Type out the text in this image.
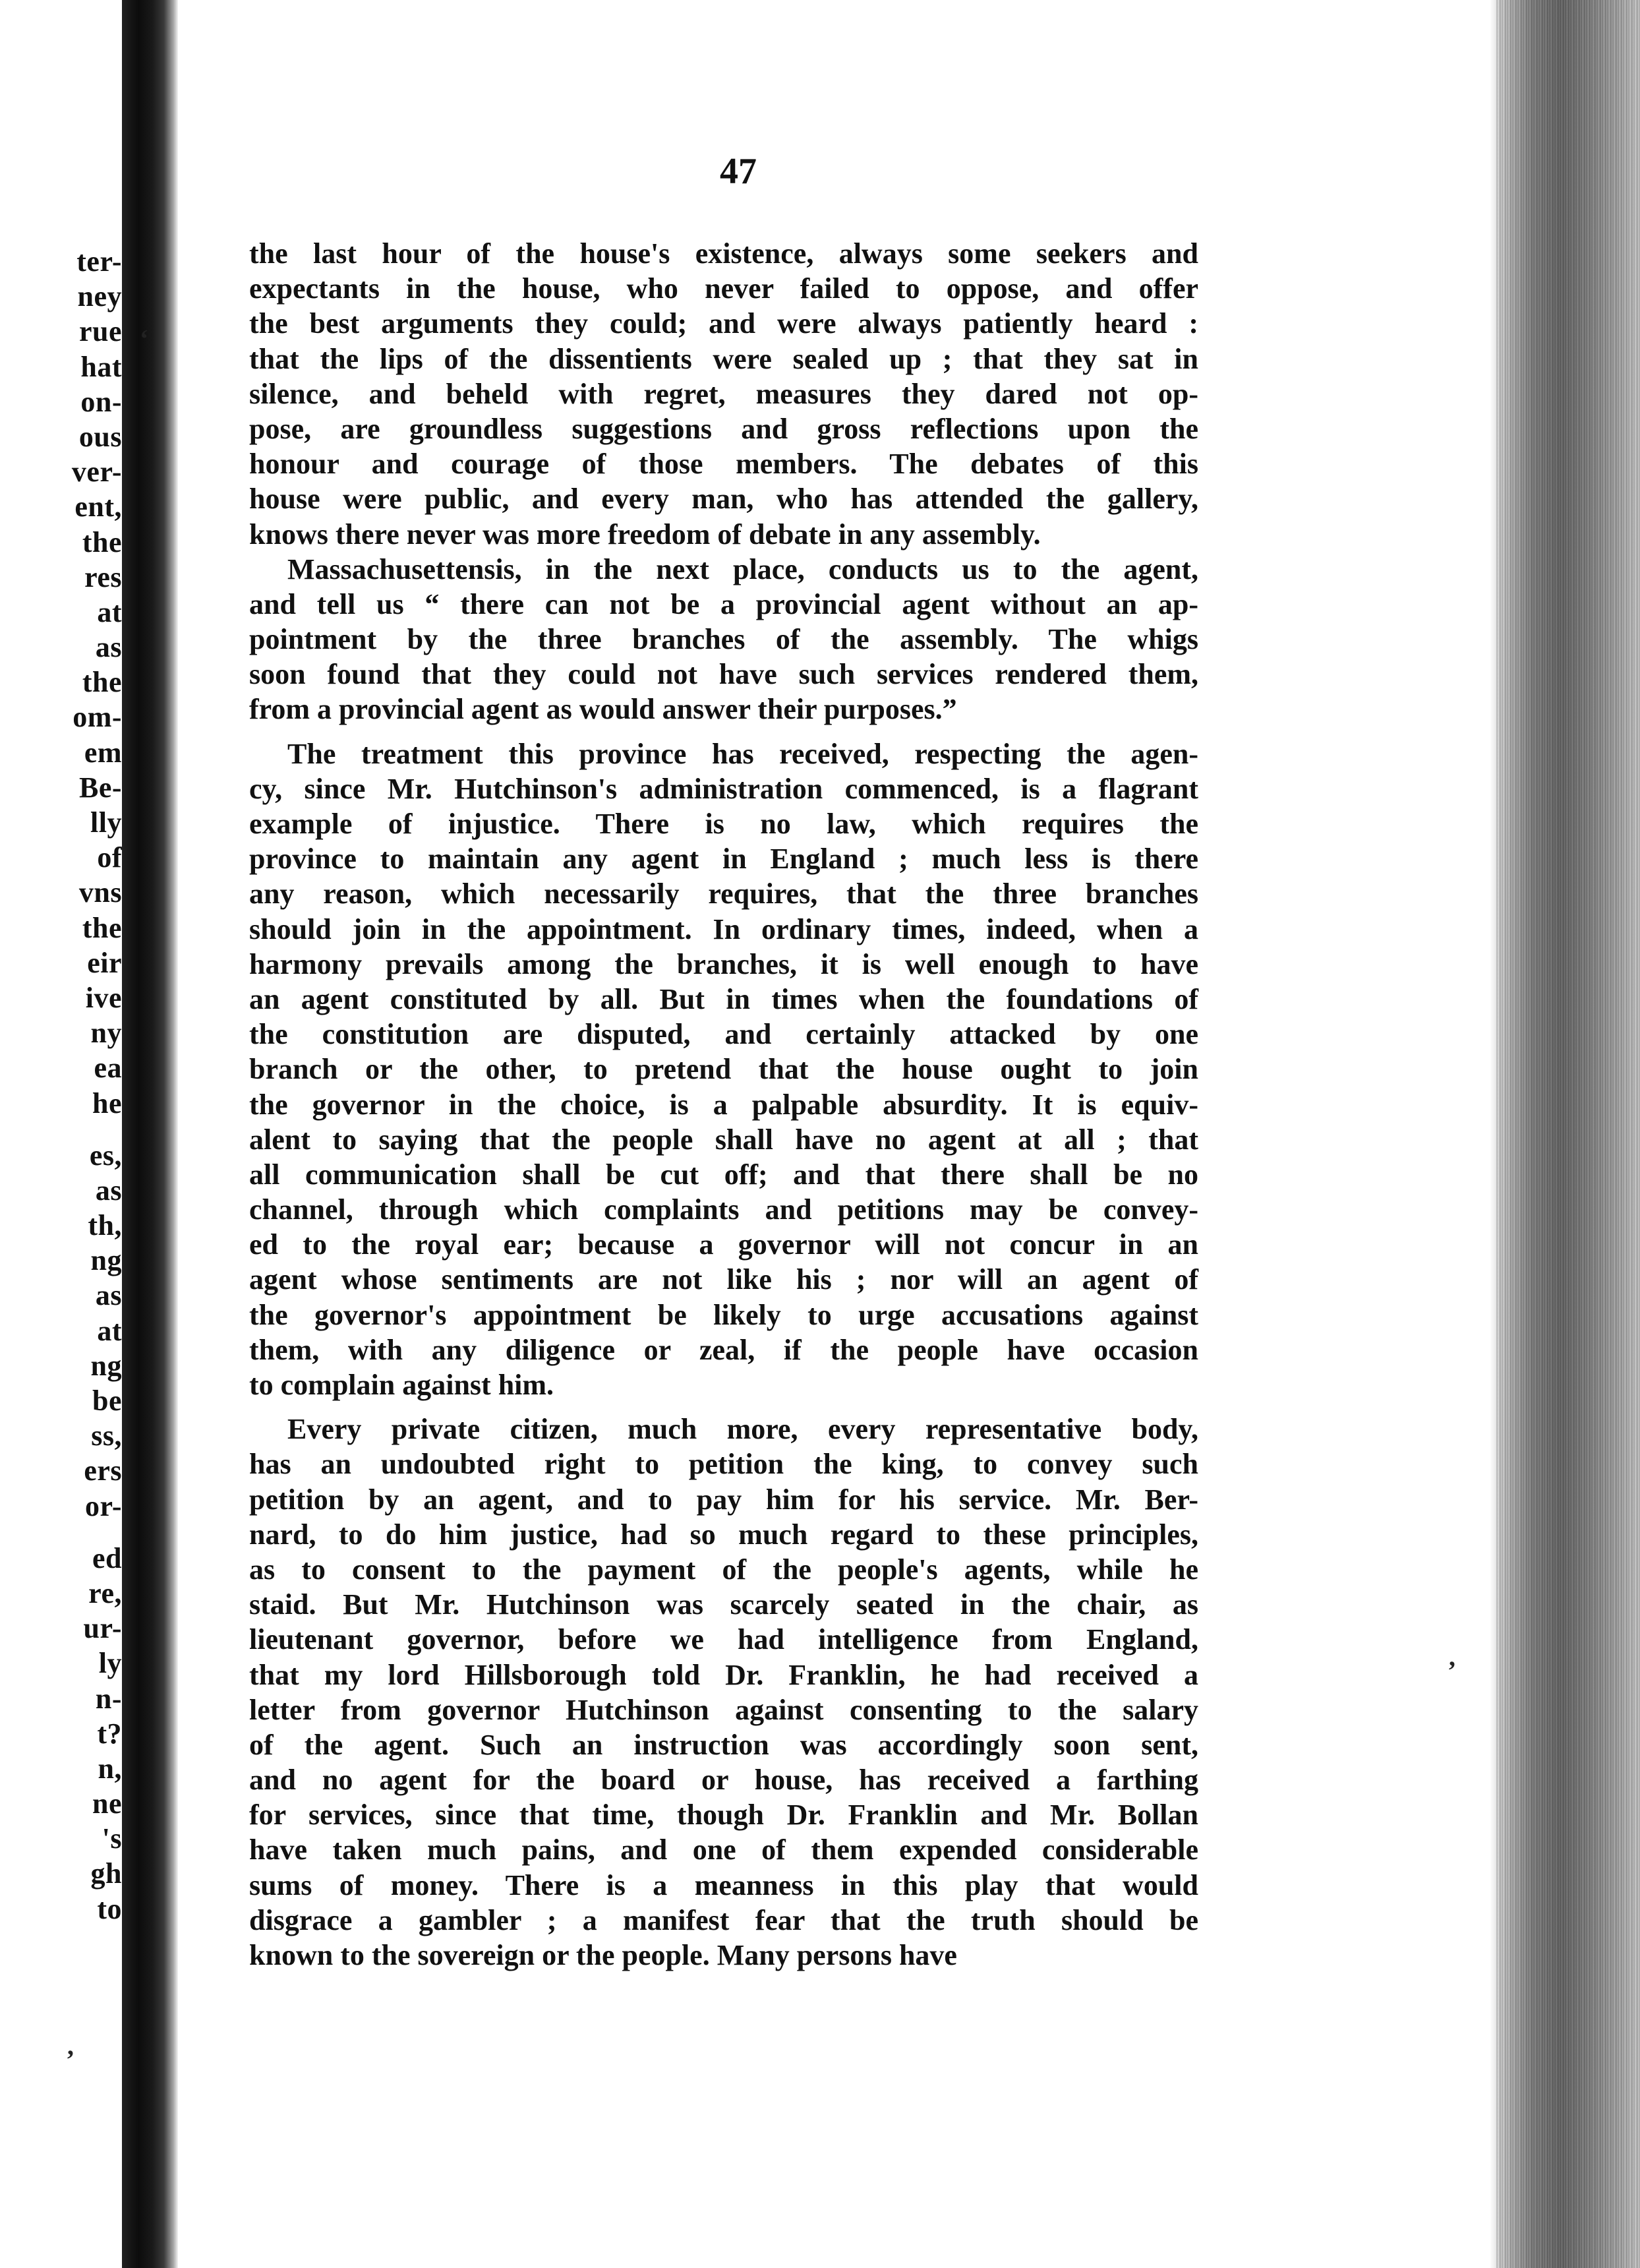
ter-
ney
rue
hat
on-
ous
ver-
ent,
the
res
at
as
the
om-
em
Be-
lly
of
vns
the
eir
ive
ny
ea
he
es,
as
th,
ng
as
at
ng
be
ss,
ers
or-
ed
re,
ur-
ly
n-
t?
n,
ne
's
gh
to
47
the last hour of the house's existence, always some seekers and
expectants in the house, who never failed to oppose, and offer
the best arguments they could; and were always patiently heard :
that the lips of the dissentients were sealed up ; that they sat in
silence, and beheld with regret, measures they dared not op-
pose, are groundless suggestions and gross reflections upon the
honour and courage of those members. The debates of this
house were public, and every man, who has attended the gallery,
knows there never was more freedom of debate in any assembly.
Massachusettensis, in the next place, conducts us to the agent,
and tell us “ there can not be a provincial agent without an ap-
pointment by the three branches of the assembly. The whigs
soon found that they could not have such services rendered them,
from a provincial agent as would answer their purposes.”
The treatment this province has received, respecting the agen-
cy, since Mr. Hutchinson's administration commenced, is a flagrant
example of injustice. There is no law, which requires the
province to maintain any agent in England ; much less is there
any reason, which necessarily requires, that the three branches
should join in the appointment. In ordinary times, indeed, when a
harmony prevails among the branches, it is well enough to have
an agent constituted by all. But in times when the foundations of
the constitution are disputed, and certainly attacked by one
branch or the other, to pretend that the house ought to join
the governor in the choice, is a palpable absurdity. It is equiv-
alent to saying that the people shall have no agent at all ; that
all communication shall be cut off; and that there shall be no
channel, through which complaints and petitions may be convey-
ed to the royal ear; because a governor will not concur in an
agent whose sentiments are not like his ; nor will an agent of
the governor's appointment be likely to urge accusations against
them, with any diligence or zeal, if the people have occasion
to complain against him.
Every private citizen, much more, every representative body,
has an undoubted right to petition the king, to convey such
petition by an agent, and to pay him for his service. Mr. Ber-
nard, to do him justice, had so much regard to these principles,
as to consent to the payment of the people's agents, while he
staid. But Mr. Hutchinson was scarcely seated in the chair, as
lieutenant governor, before we had intelligence from England,
that my lord Hillsborough told Dr. Franklin, he had received a
letter from governor Hutchinson against consenting to the salary
of the agent. Such an instruction was accordingly soon sent,
and no agent for the board or house, has received a farthing
for services, since that time, though Dr. Franklin and Mr. Bollan
have taken much pains, and one of them expended considerable
sums of money. There is a meanness in this play that would
disgrace a gambler ; a manifest fear that the truth should be
known to the sovereign or the people. Many persons have
‘
’
’
